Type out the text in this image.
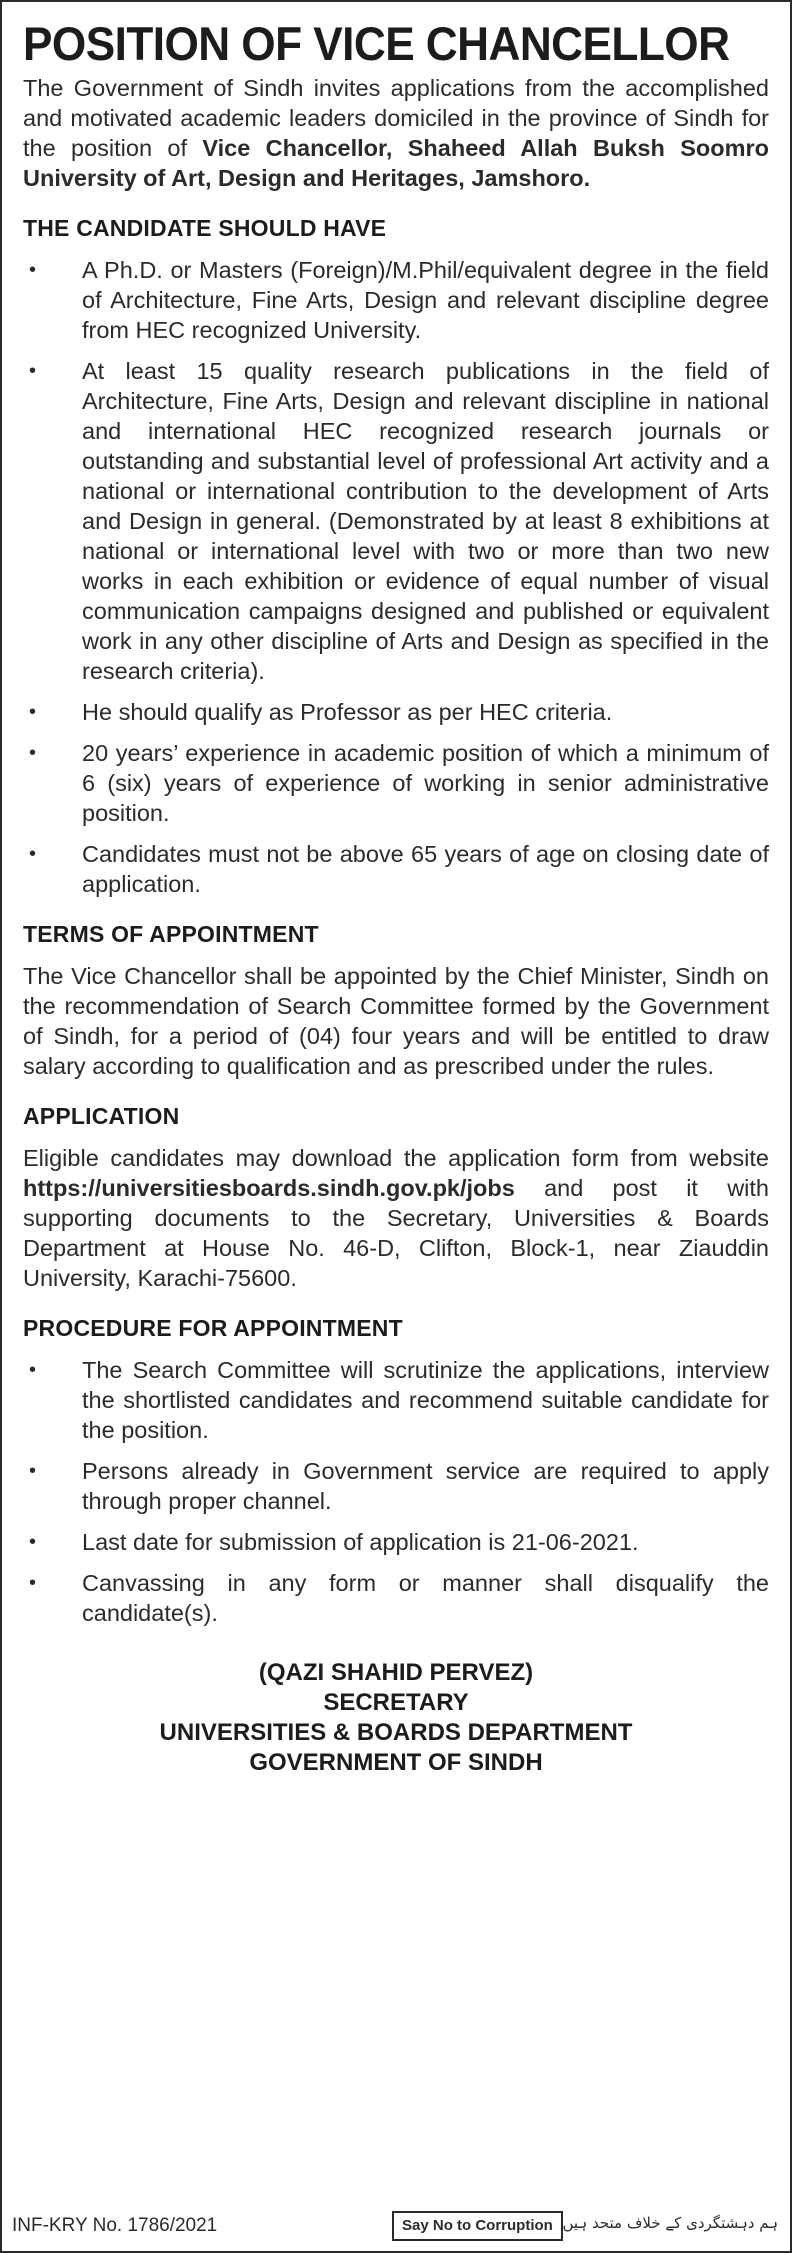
POSITION OF VICE CHANCELLOR

The Government of Sindh invites applications from the accomplished and motivated academic leaders domiciled in the province of Sindh for the position of Vice Chancellor, Shaheed Allah Buksh Soomro University of Art, Design and Heritages, Jamshoro.

THE CANDIDATE SHOULD HAVE
• A Ph.D. or Masters (Foreign)/M.Phil/equivalent degree in the field of Architecture, Fine Arts, Design and relevant discipline degree from HEC recognized University.
• At least 15 quality research publications in the field of Architecture, Fine Arts, Design and relevant discipline in national and international HEC recognized research journals or outstanding and substantial level of professional Art activity and a national or international contribution to the development of Arts and Design in general. (Demonstrated by at least 8 exhibitions at national or international level with two or more than two new works in each exhibition or evidence of equal number of visual communication campaigns designed and published or equivalent work in any other discipline of Arts and Design as specified in the research criteria).
• He should qualify as Professor as per HEC criteria.
• 20 years’ experience in academic position of which a minimum of 6 (six) years of experience of working in senior administrative position.
• Candidates must not be above 65 years of age on closing date of application.
TERMS OF APPOINTMENT

The Vice Chancellor shall be appointed by the Chief Minister, Sindh on the recommendation of Search Committee formed by the Government of Sindh, for a period of (04) four years and will be entitled to draw salary according to qualification and as prescribed under the rules.

APPLICATION

Eligible candidates may download the application form from website https://universitiesboards.sindh.gov.pk/jobs and post it with supporting documents to the Secretary, Universities & Boards Department at House No. 46-D, Clifton, Block-1, near Ziauddin University, Karachi-75600.

PROCEDURE FOR APPOINTMENT
• The Search Committee will scrutinize the applications, interview the shortlisted candidates and recommend suitable candidate for the position.
• Persons already in Government service are required to apply through proper channel.
• Last date for submission of application is 21-06-2021.
• Canvassing in any form or manner shall disqualify the candidate(s).
(QAZI SHAHID PERVEZ)
SECRETARY
UNIVERSITIES & BOARDS DEPARTMENT
GOVERNMENT OF SINDH
INF-KRY No. 1786/2021	Say No to Corruption ہم دہشتگردی کے خلاف متحد ہیں
